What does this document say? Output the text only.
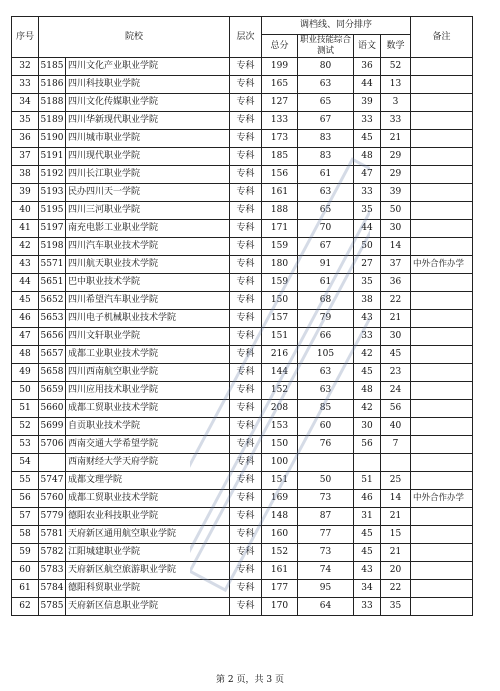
序号	院校		层次	调档线、同分排序				备注
				总分	职业技能综合测试	语文	数学	
32	5185	四川文化产业职业学院	专科	199	80	36	52	
33	5186	四川科技职业学院	专科	165	63	44	13	
34	5188	四川文化传媒职业学院	专科	127	65	39	3	
35	5189	四川华新现代职业学院	专科	133	67	33	33	
36	5190	四川城市职业学院	专科	173	83	45	21	
37	5191	四川现代职业学院	专科	185	83	48	29	
38	5192	四川长江职业学院	专科	156	61	47	29	
39	5193	民办四川天一学院	专科	161	63	33	39	
40	5195	四川三河职业学院	专科	188	65	35	50	
41	5197	南充电影工业职业学院	专科	171	70	44	30	
42	5198	四川汽车职业技术学院	专科	159	67	50	14	
43	5571	四川航天职业技术学院	专科	180	91	27	37	中外合作办学
44	5651	巴中职业技术学院	专科	159	61	35	36	
45	5652	四川希望汽车职业学院	专科	150	68	38	22	
46	5653	四川电子机械职业技术学院	专科	157	79	43	21	
47	5656	四川文轩职业学院	专科	151	66	33	30	
48	5657	成都工业职业技术学院	专科	216	105	42	45	
49	5658	四川西南航空职业学院	专科	144	63	45	23	
50	5659	四川应用技术职业学院	专科	152	63	48	24	
51	5660	成都工贸职业技术学院	专科	208	85	42	56	
52	5699	自贡职业技术学院	专科	153	60	30	40	
53	5706	西南交通大学希望学院	专科	150	76	56	7	
54		西南财经大学天府学院	专科	100				
55	5747	成都文理学院	专科	151	50	51	25	
56	5760	成都工贸职业技术学院	专科	169	73	46	14	中外合作办学
57	5779	德阳农业科技职业学院	专科	148	87	31	21	
58	5781	天府新区通用航空职业学院	专科	160	77	45	15	
59	5782	江阳城建职业学院	专科	152	73	45	21	
60	5783	天府新区航空旅游职业学院	专科	161	74	43	20	
61	5784	德阳科贸职业学院	专科	177	95	34	22	
62	5785	天府新区信息职业学院	专科	170	64	33	35	
第 2 页，共 3 页
